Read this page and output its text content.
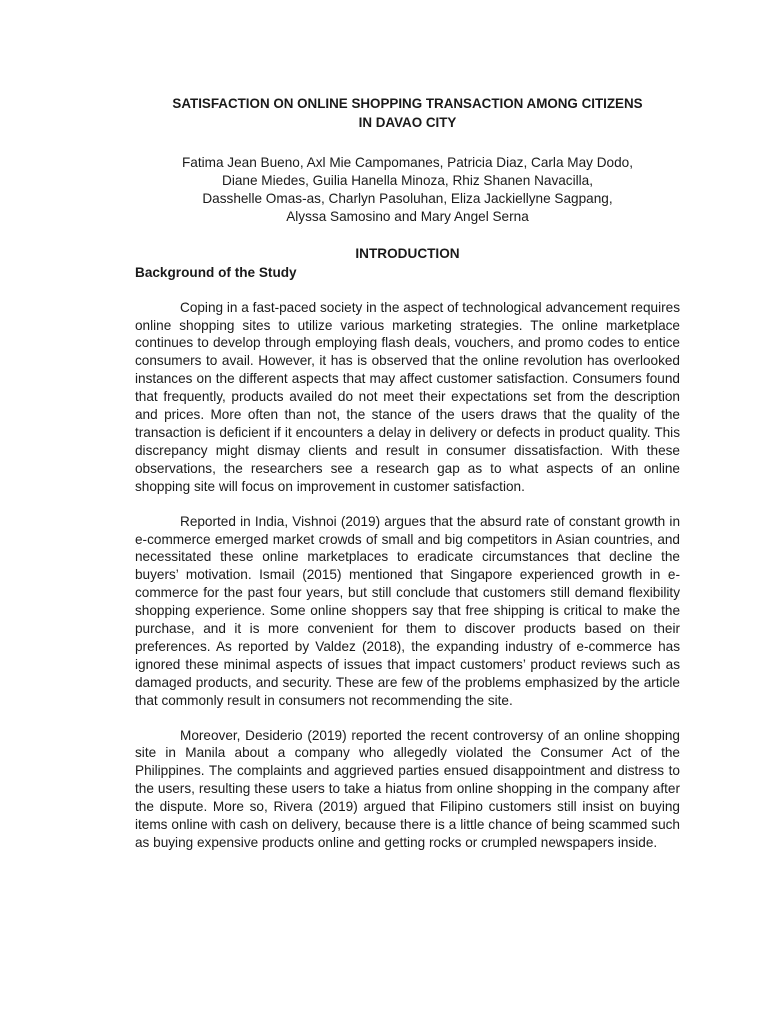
SATISFACTION ON ONLINE SHOPPING TRANSACTION AMONG CITIZENS
IN DAVAO CITY
Fatima Jean Bueno, Axl Mie Campomanes, Patricia Diaz, Carla May Dodo,
Diane Miedes, Guilia Hanella Minoza, Rhiz Shanen Navacilla,
Dasshelle Omas-as, Charlyn Pasoluhan, Eliza Jackiellyne Sagpang,
Alyssa Samosino and Mary Angel Serna
INTRODUCTION
Background of the Study

Coping in a fast-paced society in the aspect of technological advancement requires online shopping sites to utilize various marketing strategies. The online marketplace continues to develop through employing flash deals, vouchers, and promo codes to entice consumers to avail. However, it has is observed that the online revolution has overlooked instances on the different aspects that may affect customer satisfaction. Consumers found that frequently, products availed do not meet their expectations set from the description and prices. More often than not, the stance of the users draws that the quality of the transaction is deficient if it encounters a delay in delivery or defects in product quality. This discrepancy might dismay clients and result in consumer dissatisfaction. With these observations, the researchers see a research gap as to what aspects of an online shopping site will focus on improvement in customer satisfaction.

Reported in India, Vishnoi (2019) argues that the absurd rate of constant growth in e-commerce emerged market crowds of small and big competitors in Asian countries, and necessitated these online marketplaces to eradicate circumstances that decline the buyers’ motivation. Ismail (2015) mentioned that Singapore experienced growth in e-commerce for the past four years, but still conclude that customers still demand flexibility shopping experience. Some online shoppers say that free shipping is critical to make the purchase, and it is more convenient for them to discover products based on their preferences. As reported by Valdez (2018), the expanding industry of e-commerce has ignored these minimal aspects of issues that impact customers’ product reviews such as damaged products, and security. These are few of the problems emphasized by the article that commonly result in consumers not recommending the site.

Moreover, Desiderio (2019) reported the recent controversy of an online shopping site in Manila about a company who allegedly violated the Consumer Act of the Philippines. The complaints and aggrieved parties ensued disappointment and distress to the users, resulting these users to take a hiatus from online shopping in the company after the dispute. More so, Rivera (2019) argued that Filipino customers still insist on buying items online with cash on delivery, because there is a little chance of being scammed such as buying expensive products online and getting rocks or crumpled newspapers inside.
